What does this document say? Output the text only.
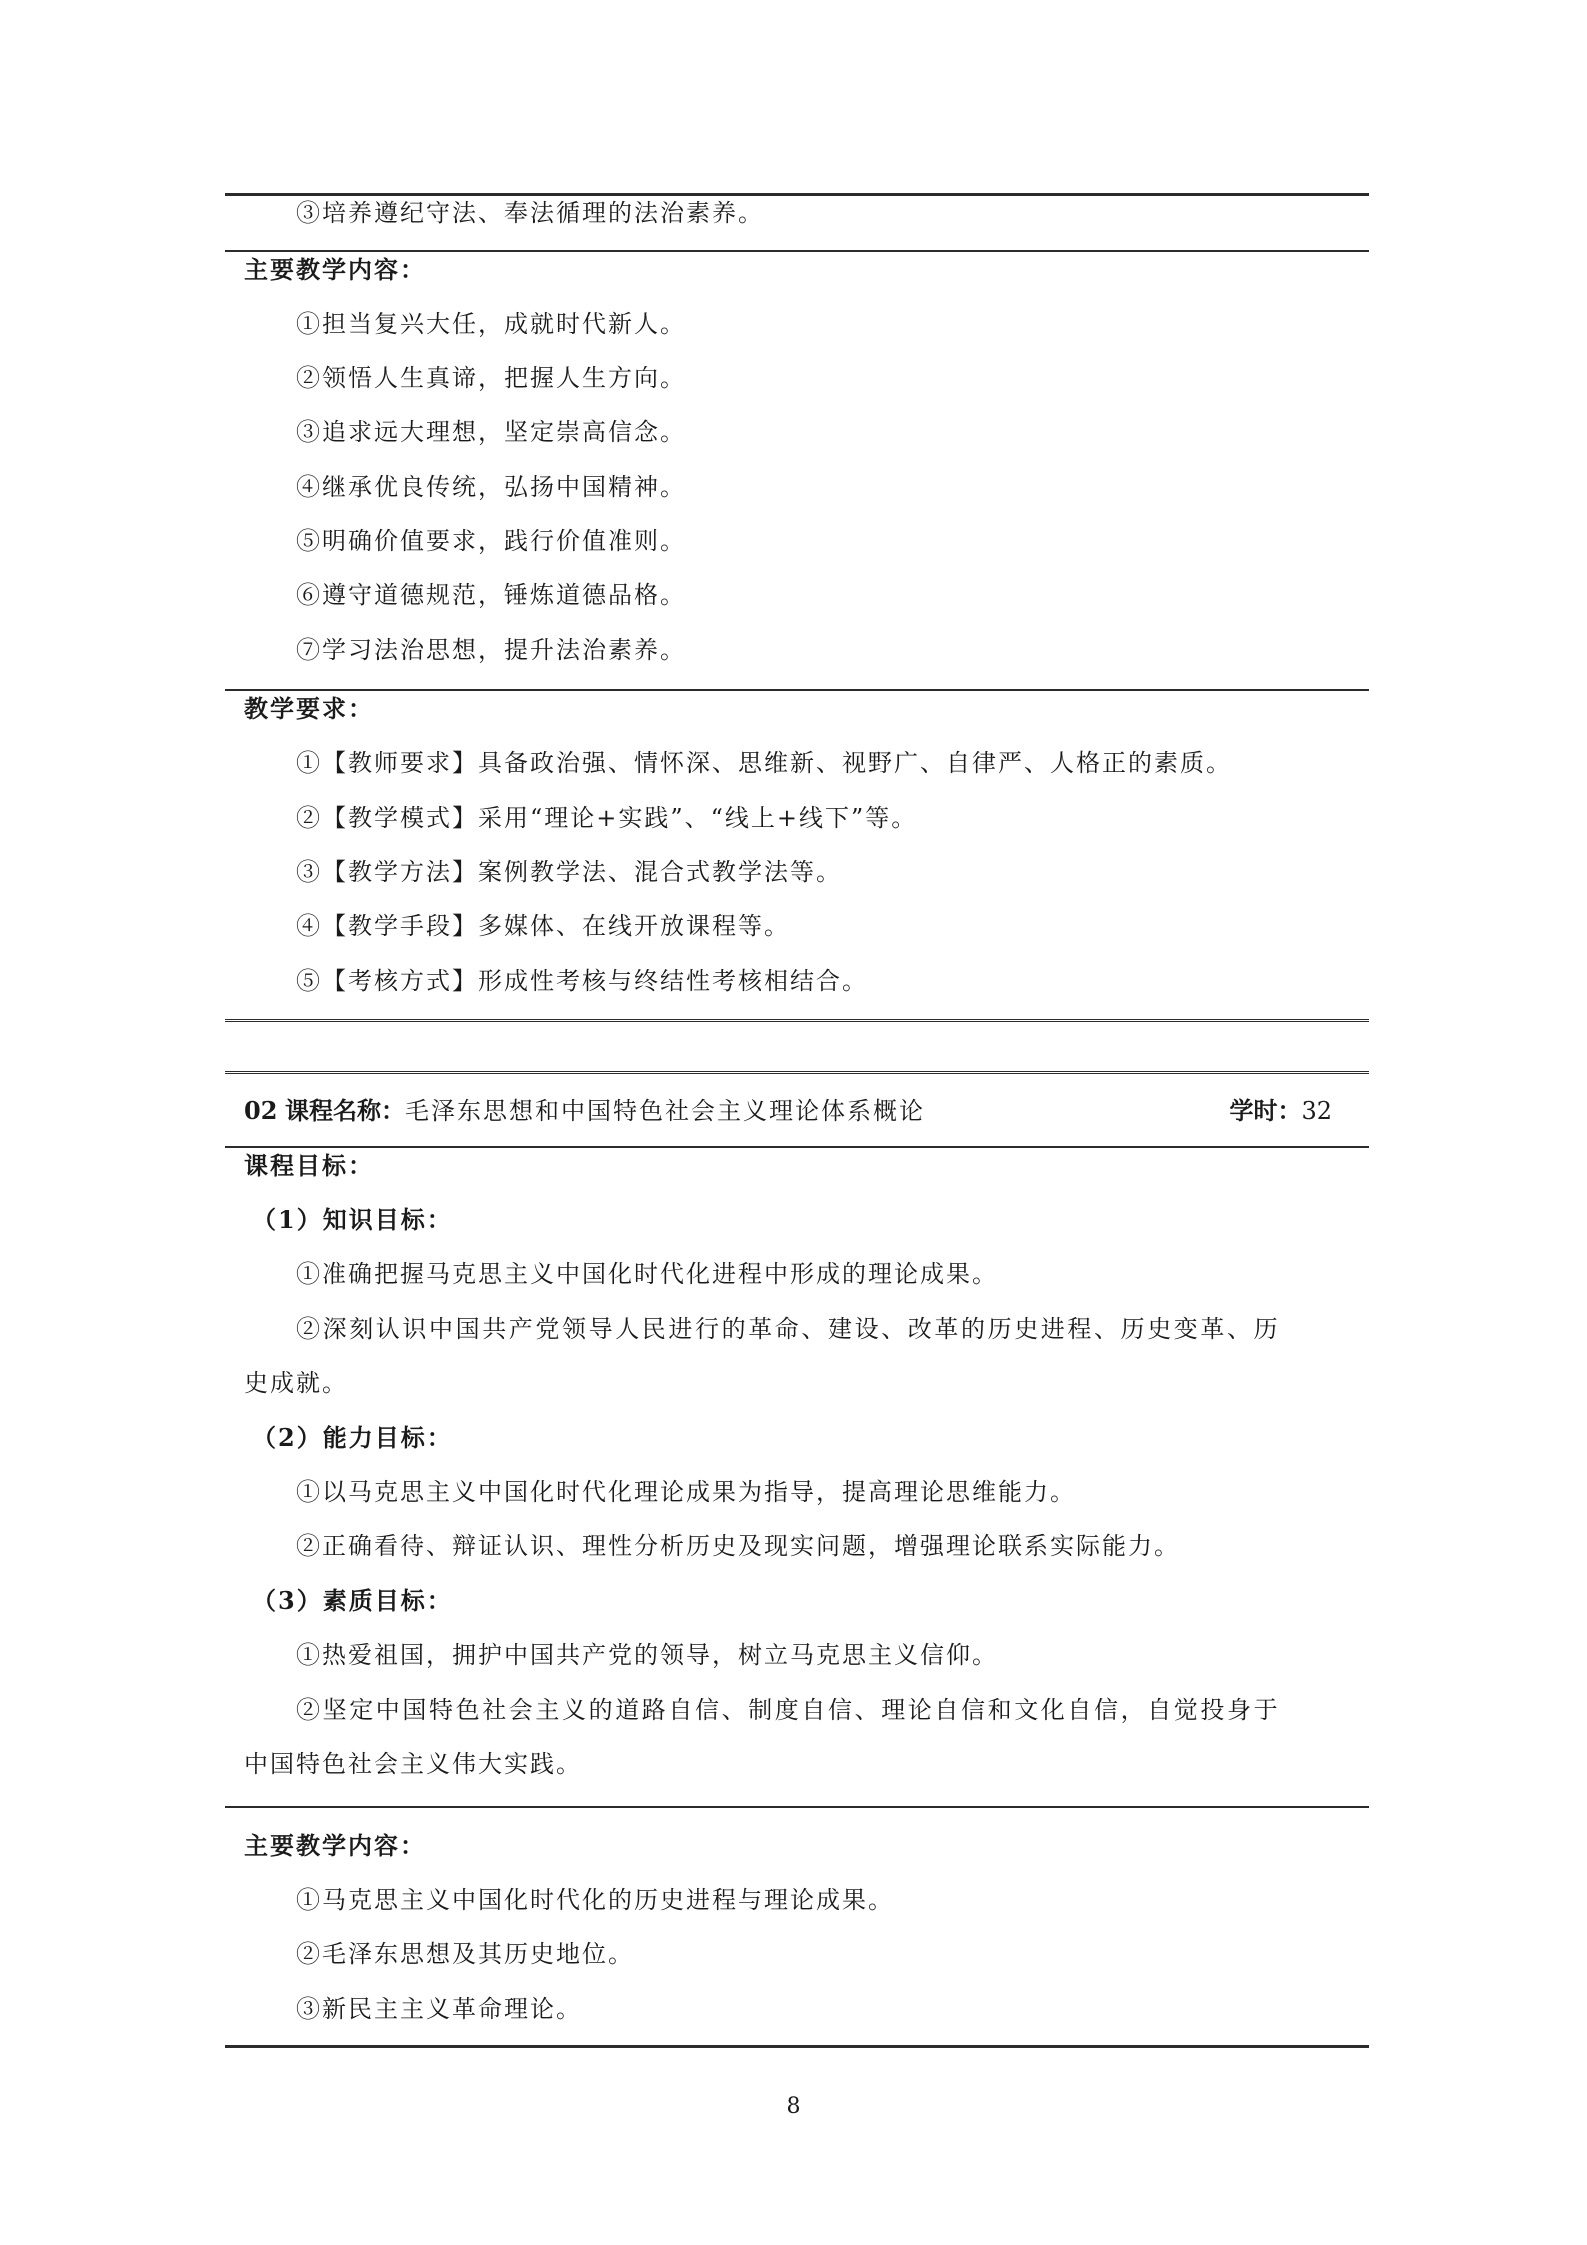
③培养遵纪守法、奉法循理的法治素养。
主要教学内容：
①担当复兴大任，成就时代新人。
②领悟人生真谛，把握人生方向。
③追求远大理想，坚定崇高信念。
④继承优良传统，弘扬中国精神。
⑤明确价值要求，践行价值准则。
⑥遵守道德规范，锤炼道德品格。
⑦学习法治思想，提升法治素养。
教学要求：
①【教师要求】具备政治强、情怀深、思维新、视野广、自律严、人格正的素质。
②【教学模式】采用“理论+实践”、“线上+线下”等。
③【教学方法】案例教学法、混合式教学法等。
④【教学手段】多媒体、在线开放课程等。
⑤【考核方式】形成性考核与终结性考核相结合。
02 课程名称：毛泽东思想和中国特色社会主义理论体系概论	学时：32
课程目标：
（1）知识目标：
①准确把握马克思主义中国化时代化进程中形成的理论成果。
②深刻认识中国共产党领导人民进行的革命、建设、改革的历史进程、历史变革、历
史成就。
（2）能力目标：
①以马克思主义中国化时代化理论成果为指导，提高理论思维能力。
②正确看待、辩证认识、理性分析历史及现实问题，增强理论联系实际能力。
（3）素质目标：
①热爱祖国，拥护中国共产党的领导，树立马克思主义信仰。
②坚定中国特色社会主义的道路自信、制度自信、理论自信和文化自信，自觉投身于
中国特色社会主义伟大实践。
主要教学内容：
①马克思主义中国化时代化的历史进程与理论成果。
②毛泽东思想及其历史地位。
③新民主主义革命理论。
8
